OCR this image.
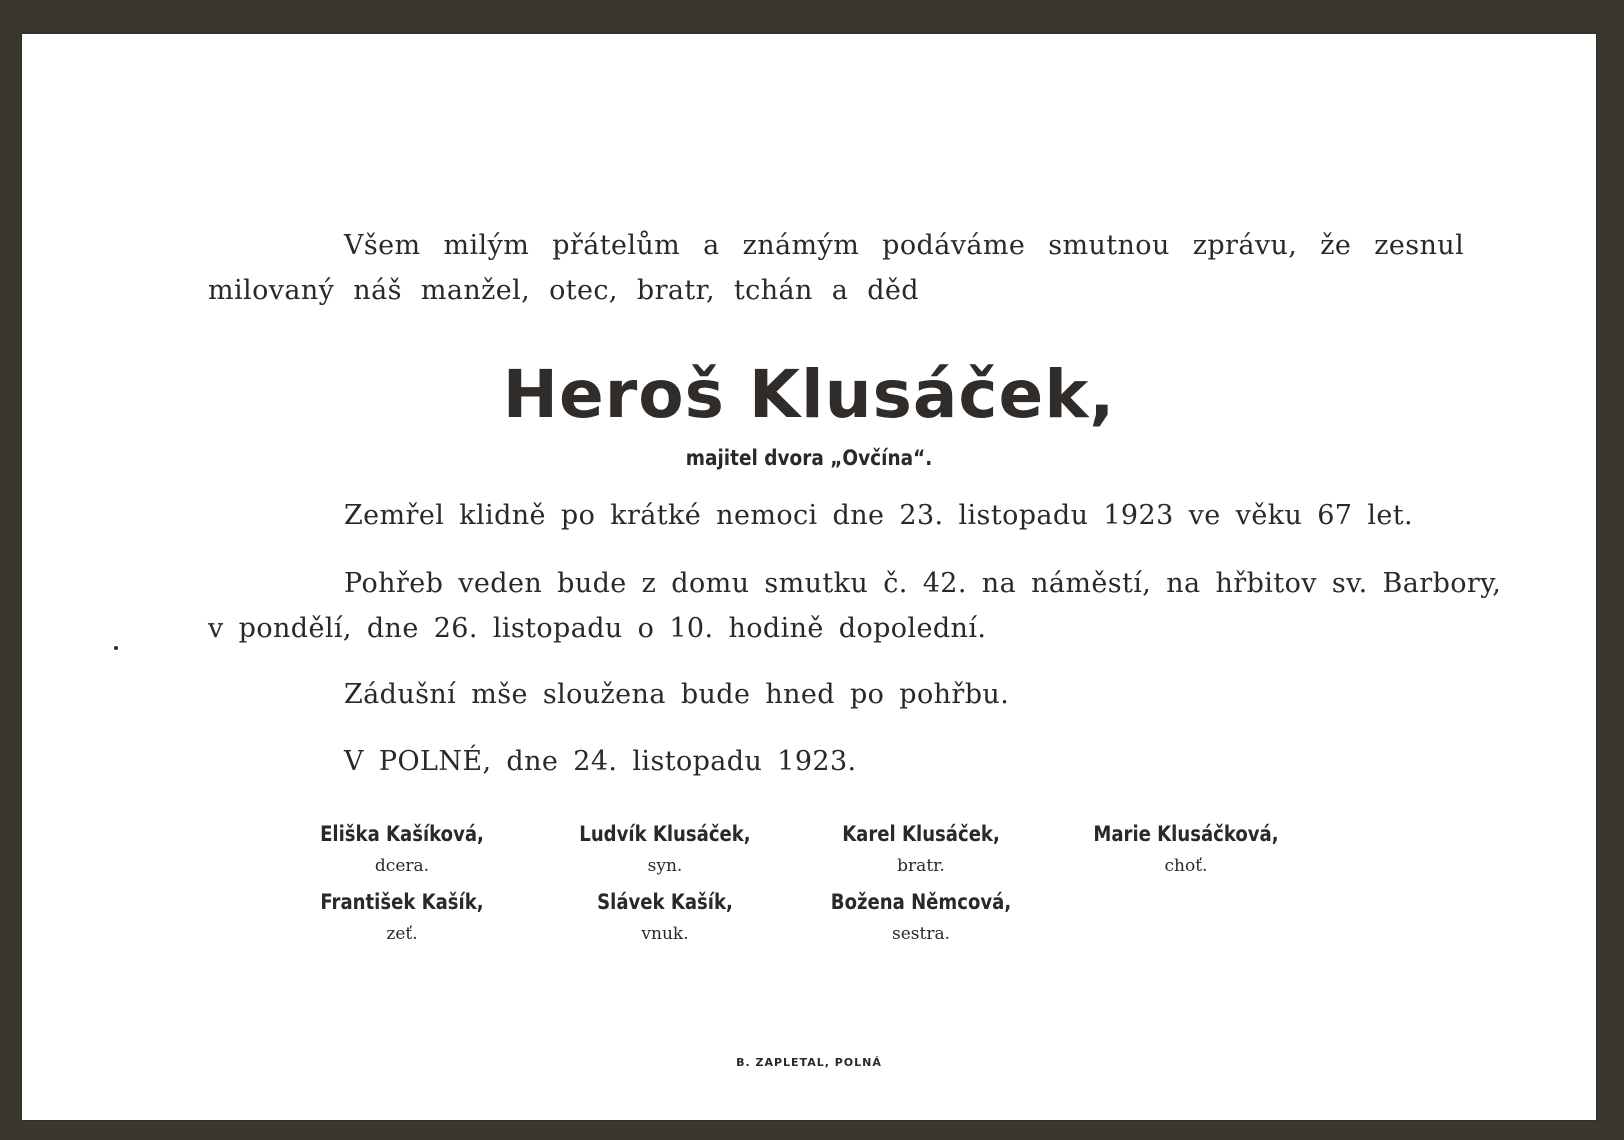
Všem milým přátelům a známým podáváme smutnou zprávu, že zesnul
milovaný náš manžel, otec, bratr, tchán a děd
Heroš Klusáček,
majitel dvora „Ovčína“.
Zemřel klidně po krátké nemoci dne 23. listopadu 1923 ve věku 67 let.
Pohřeb veden bude z domu smutku č. 42. na náměstí, na hřbitov sv. Barbory,
v pondělí, dne 26. listopadu o 10. hodině dopolední.
Zádušní mše sloužena bude hned po pohřbu.
V POLNÉ, dne 24. listopadu 1923.
Eliška Kašíková,
dcera.
Ludvík Klusáček,
syn.
Karel Klusáček,
bratr.
Marie Klusáčková,
choť.
František Kašík,
zeť.
Slávek Kašík,
vnuk.
Božena Němcová,
sestra.
B. ZAPLETAL, POLNÁ
